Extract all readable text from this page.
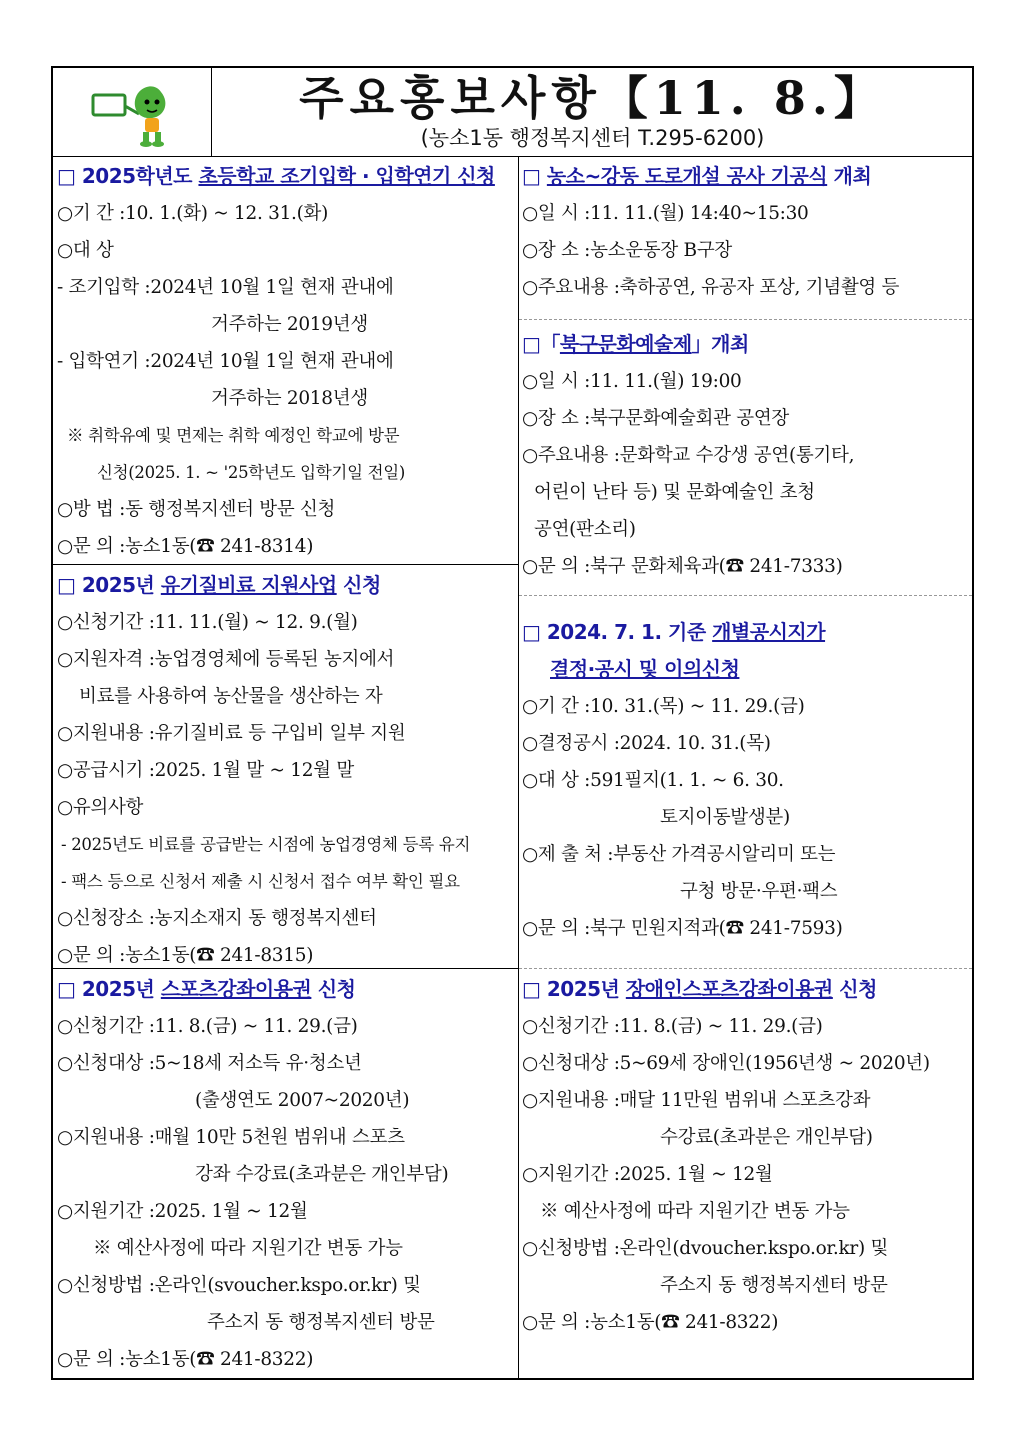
주요홍보사항【11. 8.】
(농소1동 행정복지센터 T.295-6200)
□ 2025학년도 초등학교 조기입학 · 입학연기 신청
○기 간 : 10. 1.(화) ~ 12. 31.(화)
○대 상
- 조기입학 : 2024년 10월 1일 현재 관내에
거주하는 2019년생
- 입학연기 : 2024년 10월 1일 현재 관내에
거주하는 2018년생
※ 취학유예 및 면제는 취학 예정인 학교에 방문
신청(2025. 1. ~ '25학년도 입학기일 전일)
○방 법 : 동 행정복지센터 방문 신청
○문 의 : 농소1동(☎ 241-8314)
□ 2025년 유기질비료 지원사업 신청
○신청기간 : 11. 11.(월) ~ 12. 9.(월)
○지원자격 : 농업경영체에 등록된 농지에서
비료를 사용하여 농산물을 생산하는 자
○지원내용 : 유기질비료 등 구입비 일부 지원
○공급시기 : 2025. 1월 말 ~ 12월 말
○유의사항
- 2025년도 비료를 공급받는 시점에 농업경영체 등록 유지
- 팩스 등으로 신청서 제출 시 신청서 접수 여부 확인 필요
○신청장소 : 농지소재지 동 행정복지센터
○문 의 : 농소1동(☎ 241-8315)
□ 2025년 스포츠강좌이용권 신청
○신청기간 : 11. 8.(금) ~ 11. 29.(금)
○신청대상 : 5~18세 저소득 유·청소년
(출생연도 2007~2020년)
○지원내용 : 매월 10만 5천원 범위내 스포츠
강좌 수강료(초과분은 개인부담)
○지원기간 : 2025. 1월 ~ 12월
※ 예산사정에 따라 지원기간 변동 가능
○신청방법 : 온라인(svoucher.kspo.or.kr) 및
주소지 동 행정복지센터 방문
○문 의 : 농소1동(☎ 241-8322)
□ 농소~강동 도로개설 공사 기공식 개최
○일 시 : 11. 11.(월) 14:40~15:30
○장 소 : 농소운동장 B구장
○주요내용 : 축하공연, 유공자 포상, 기념촬영 등
□「북구문화예술제」개최
○일 시 : 11. 11.(월) 19:00
○장 소 : 북구문화예술회관 공연장
○주요내용 : 문화학교 수강생 공연(통기타,
어린이 난타 등) 및 문화예술인 초청
공연(판소리)
○문 의 : 북구 문화체육과(☎ 241-7333)
□ 2024. 7. 1. 기준 개별공시지가
결정·공시 및 이의신청
○기 간 : 10. 31.(목) ~ 11. 29.(금)
○결정공시 : 2024. 10. 31.(목)
○대 상 : 591필지(1. 1. ~ 6. 30.
토지이동발생분)
○제 출 처 : 부동산 가격공시알리미 또는
구청 방문·우편·팩스
○문 의 : 북구 민원지적과(☎ 241-7593)
□ 2025년 장애인스포츠강좌이용권 신청
○신청기간 : 11. 8.(금) ~ 11. 29.(금)
○신청대상 : 5~69세 장애인(1956년생 ~ 2020년)
○지원내용 : 매달 11만원 범위내 스포츠강좌
수강료(초과분은 개인부담)
○지원기간 : 2025. 1월 ~ 12월
※ 예산사정에 따라 지원기간 변동 가능
○신청방법 : 온라인(dvoucher.kspo.or.kr) 및
주소지 동 행정복지센터 방문
○문 의 : 농소1동(☎ 241-8322)
